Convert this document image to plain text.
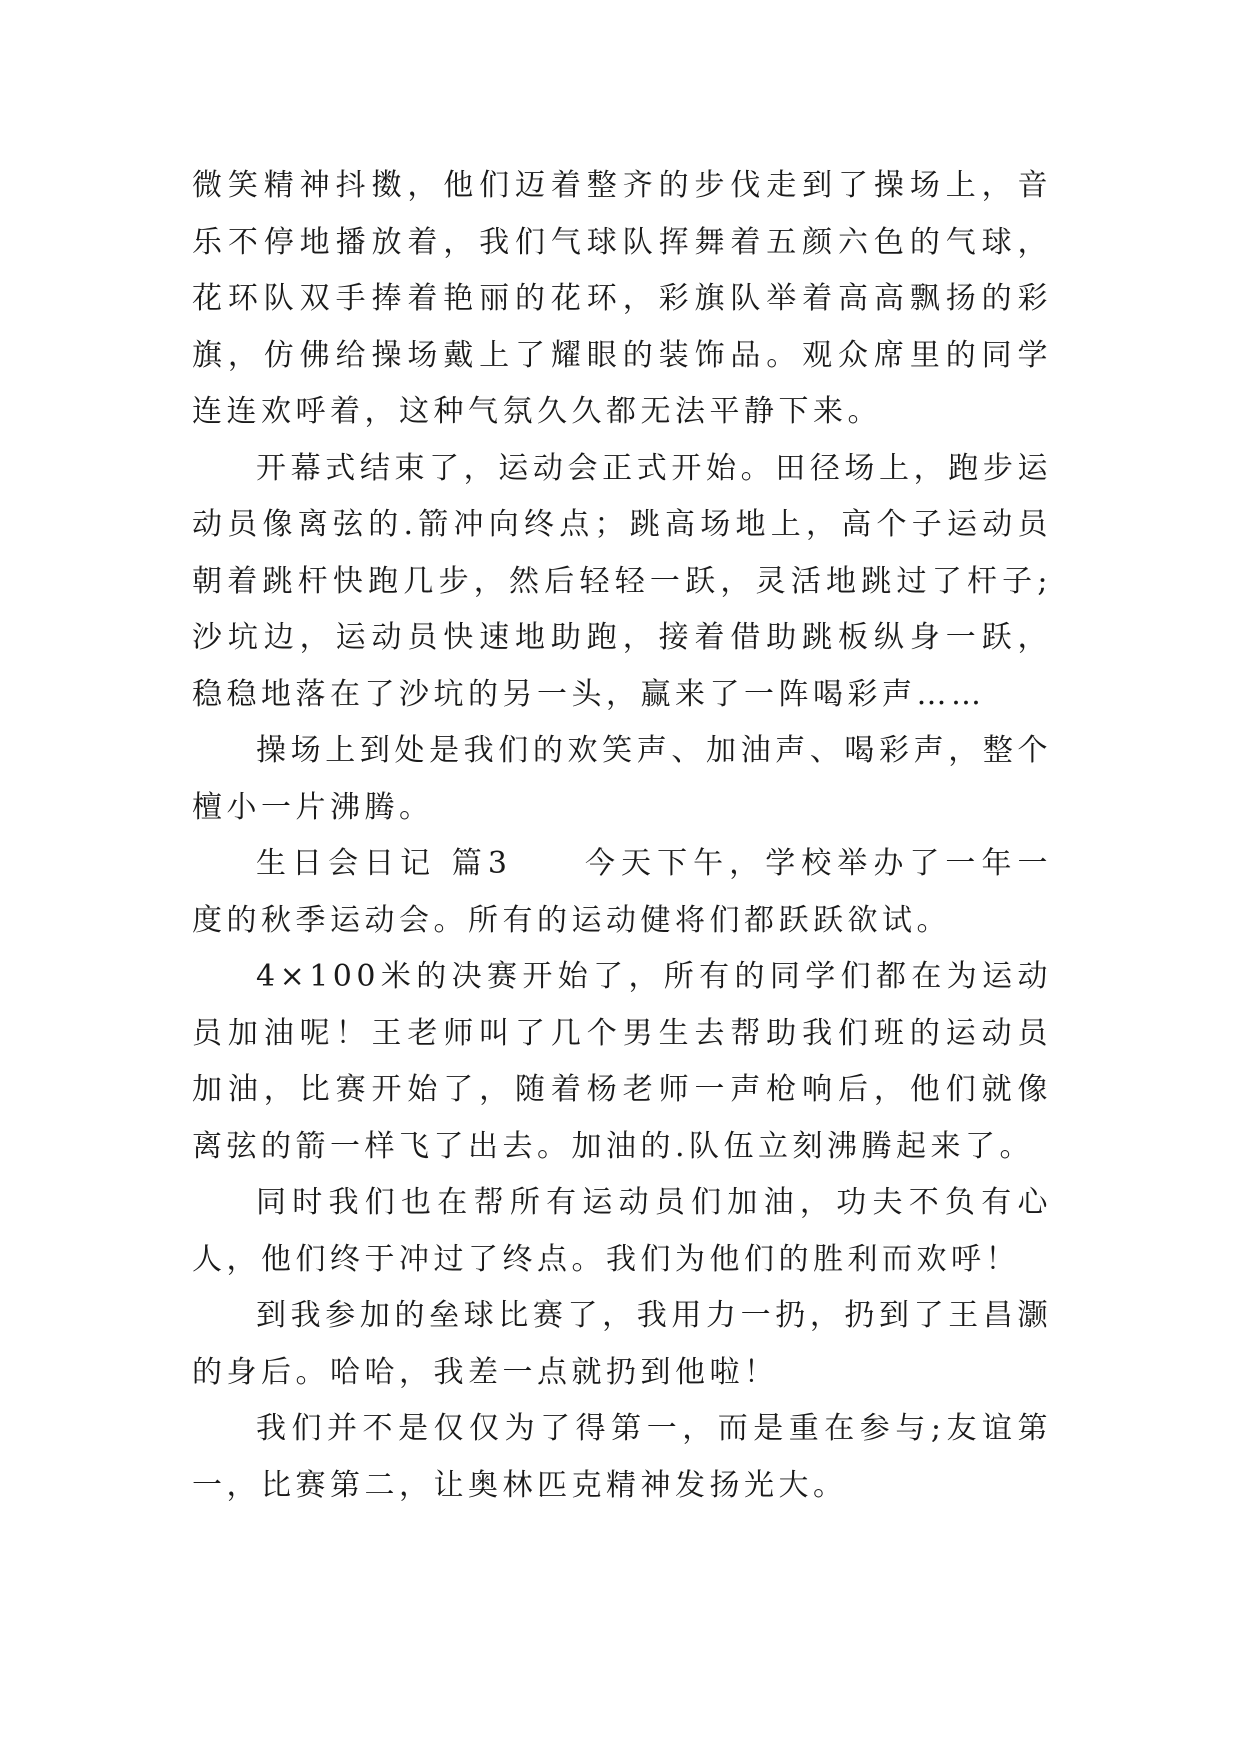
微笑精神抖擞，他们迈着整齐的步伐走到了操场上，音乐不停地播放着，我们气球队挥舞着五颜六色的气球，花环队双手捧着艳丽的花环，彩旗队举着高高飘扬的彩旗，仿佛给操场戴上了耀眼的装饰品。观众席里的同学连连欢呼着，这种气氛久久都无法平静下来。

开幕式结束了，运动会正式开始。田径场上，跑步运动员像离弦的.箭冲向终点；跳高场地上，高个子运动员朝着跳杆快跑几步，然后轻轻一跃，灵活地跳过了杆子;沙坑边，运动员快速地助跑，接着借助跳板纵身一跃，稳稳地落在了沙坑的另一头，赢来了一阵喝彩声……

操场上到处是我们的欢笑声、加油声、喝彩声，整个檀小一片沸腾。

生日会日记 篇3　　今天下午，学校举办了一年一度的秋季运动会。所有的运动健将们都跃跃欲试。

4×100米的决赛开始了，所有的同学们都在为运动员加油呢！王老师叫了几个男生去帮助我们班的运动员加油，比赛开始了，随着杨老师一声枪响后，他们就像离弦的箭一样飞了出去。加油的.队伍立刻沸腾起来了。

同时我们也在帮所有运动员们加油，功夫不负有心人，他们终于冲过了终点。我们为他们的胜利而欢呼！

到我参加的垒球比赛了，我用力一扔，扔到了王昌灏的身后。哈哈，我差一点就扔到他啦！

我们并不是仅仅为了得第一，而是重在参与;友谊第一，比赛第二，让奥林匹克精神发扬光大。
